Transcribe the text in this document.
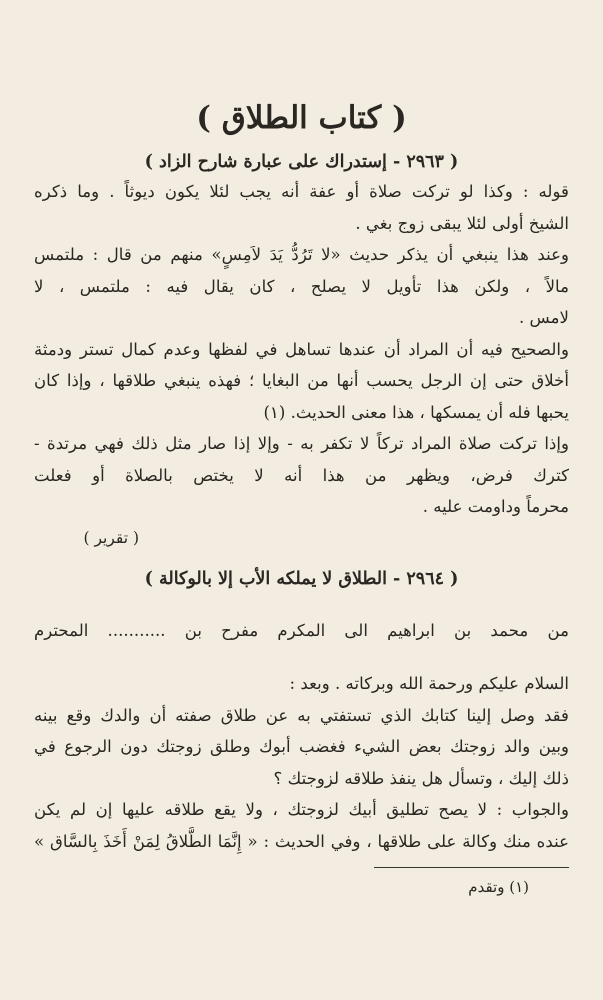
( كتاب الطلاق )
( ٢٩٦٣ - إستدراك على عبارة شارح الزاد )
قوله : وكذا لو تركت صلاة أو عفة أنه يجب لئلا يكون ديوثاً . وما ذكره
الشيخ أولى لئلا يبقى زوج بغي .
وعند هذا ينبغي أن يذكر حديث «لا تَرُدُّ يَدَ لاَمِسٍ» منهم من قال : ملتمس
مالاً ، ولكن هذا تأويل لا يصلح ، كان يقال فيه : ملتمس ، لا
لامس .
والصحيح فيه أن المراد أن عندها تساهل في لفظها وعدم كمال تستر ودمثة
أخلاق حتى إن الرجل يحسب أنها من البغايا ؛ فهذه ينبغي طلاقها ، وإذا كان
يحبها فله أن يمسكها ، هذا معنى الحديث. (١)
وإذا تركت صلاة المراد تركاً لا تكفر به - وإلا إذا صار مثل ذلك فهي مرتدة -
كترك فرض، ويظهر من هذا أنه لا يختص بالصلاة أو فعلت
محرماً وداومت عليه .
( تقرير )
( ٢٩٦٤ - الطلاق لا يملكه الأب إلا بالوكالة )
من محمد بن ابراهيم الى المكرم مفرح بن ........... المحترم
السلام عليكم ورحمة الله وبركاته . وبعد :
فقد وصل إلينا كتابك الذي تستفتي به عن طلاق صفته أن والدك وقع بينه
وبين والد زوجتك بعض الشيء فغضب أبوك وطلق زوجتك دون الرجوع في
ذلك إليك ، وتسأل هل ينفذ طلاقه لزوجتك ؟
والجواب : لا يصح تطليق أبيك لزوجتك ، ولا يقع طلاقه عليها إن لم يكن
عنده منك وكالة على طلاقها ، وفي الحديث : « إِنَّمَا الطَّلاقُ لِمَنْ أَخَذَ بِالسَّاق »
(١) وتقدم
